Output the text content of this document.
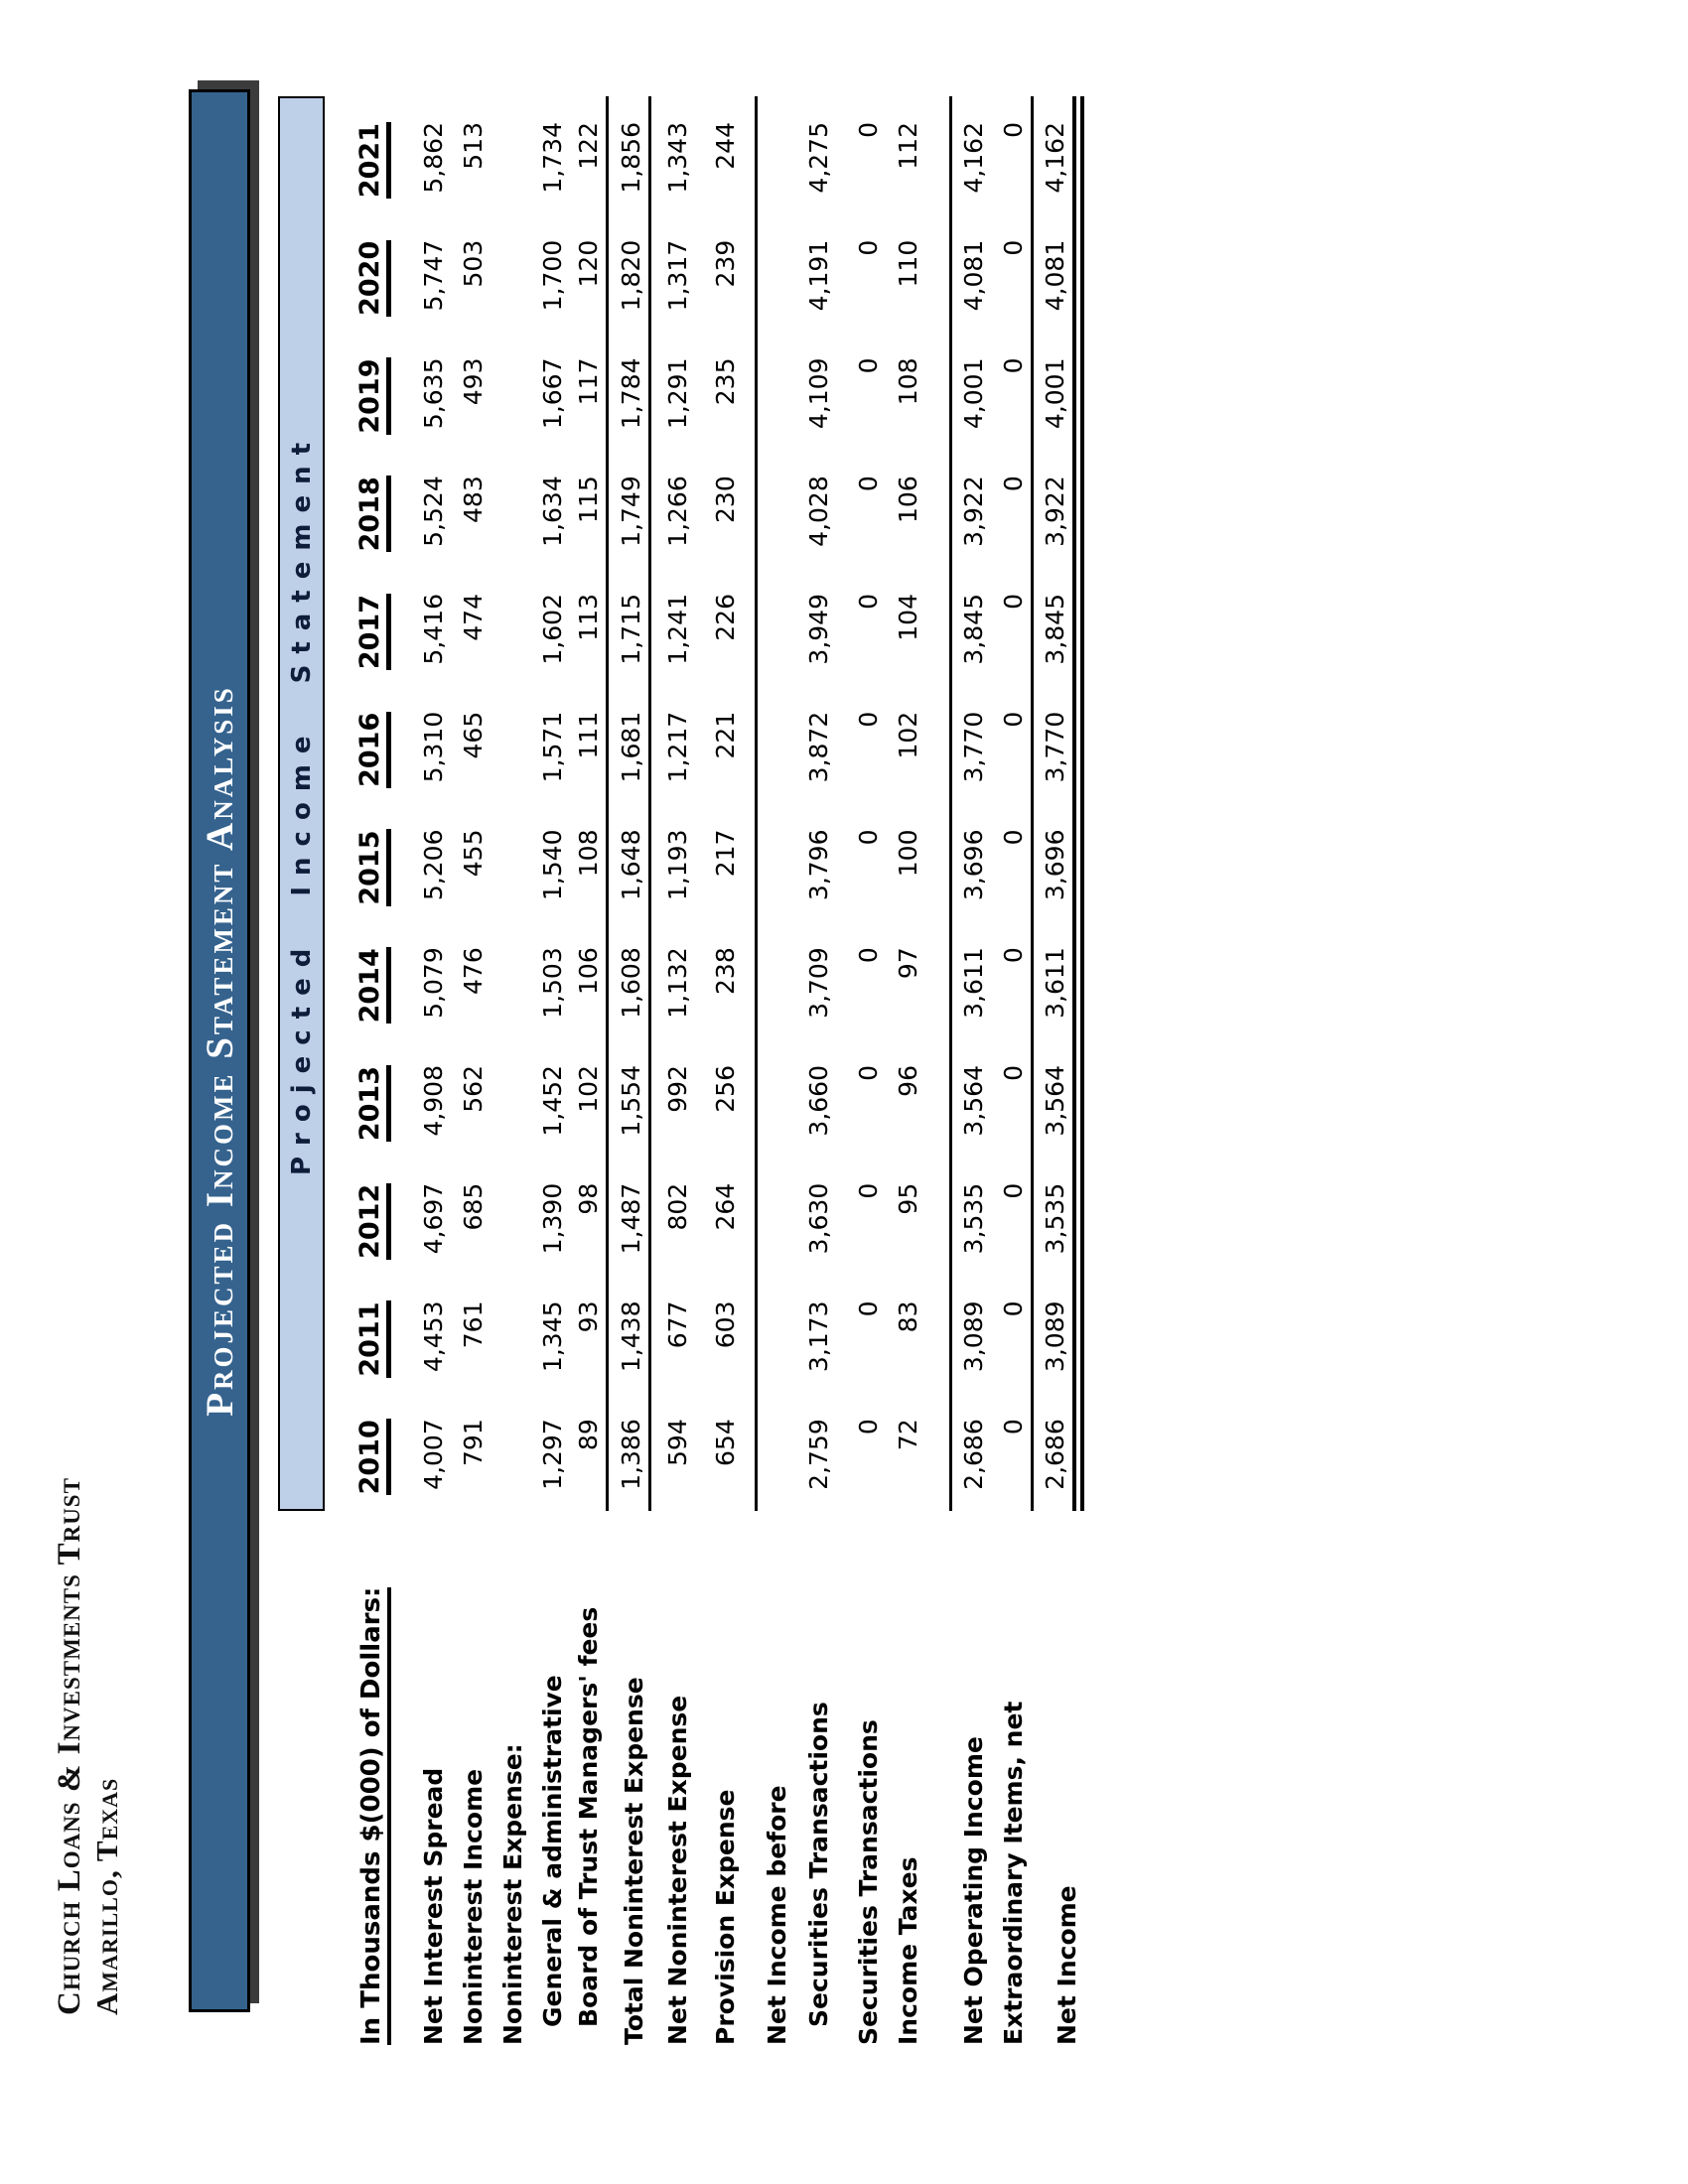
Church Loans & Investments Trust Amarillo, Texas
Projected Income Statement Analysis Projected Income Statement
In Thousands $(000) of Dollars:
2010
2011
2012
2013
2014
2015
2016
2017
2018
2019
2020
2021
Net Interest Spread
4,007
4,453
4,697
4,908
5,079
5,206
5,310
5,416
5,524
5,635
5,747
5,862
Noninterest Income
791
761
685
562
476
455
465
474
483
493
503
513
Noninterest Expense: General & administrative
1,297
1,345
1,390
1,452
1,503
1,540
1,571
1,602
1,634
1,667
1,700
1,734
Board of Trust Managers' fees
89
93
98
102
106
108
111
113
115
117
120
122
Total Noninterest Expense
1,386
1,438
1,487
1,554
1,608
1,648
1,681
1,715
1,749
1,784
1,820
1,856
Net Noninterest Expense
594
677
802
992
1,132
1,193
1,217
1,241
1,266
1,291
1,317
1,343
Provision Expense
654
603
264
256
238
217
221
226
230
235
239
244
Net Income before Securities Transactions
2,759
3,173
3,630
3,660
3,709
3,796
3,872
3,949
4,028
4,109
4,191
4,275
Securities Transactions
0
0
0
0
0
0
0
0
0
0
0
0
Income Taxes
72
83
95
96
97
100
102
104
106
108
110
112
Net Operating Income
2,686
3,089
3,535
3,564
3,611
3,696
3,770
3,845
3,922
4,001
4,081
4,162
Extraordinary Items, net
0
0
0
0
0
0
0
0
0
0
0
0
Net Income
2,686
3,089
3,535
3,564
3,611
3,696
3,770
3,845
3,922
4,001
4,081
4,162
